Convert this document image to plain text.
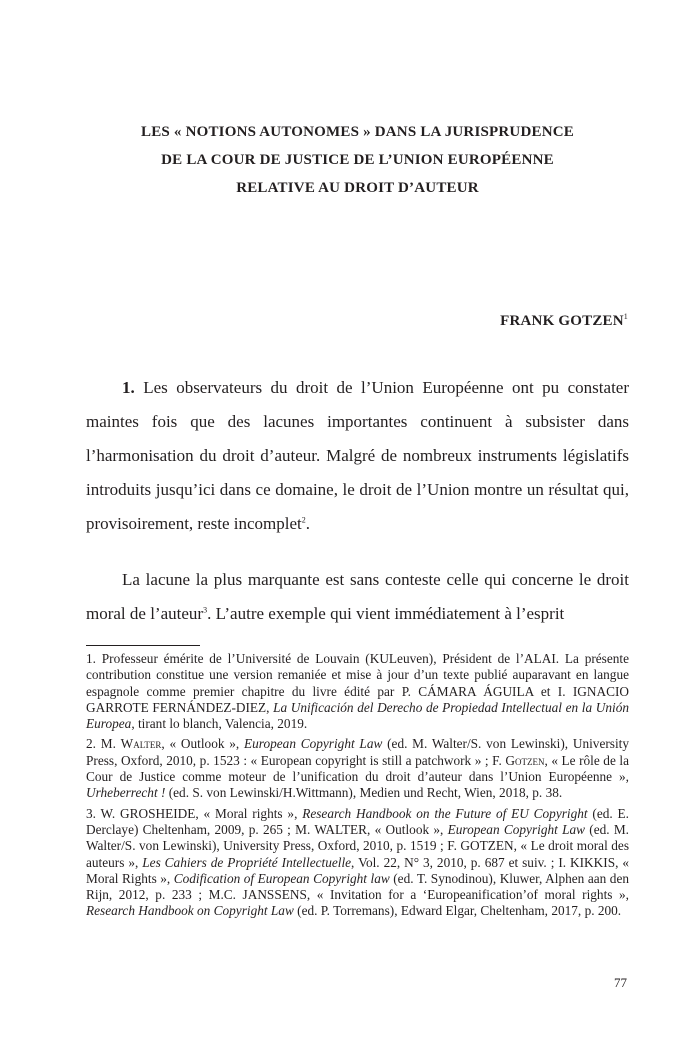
LES « NOTIONS AUTONOMES » DANS LA JURISPRUDENCE
DE LA COUR DE JUSTICE DE L’UNION EUROPÉENNE
RELATIVE AU DROIT D’AUTEUR
FRANK GOTZEN$^1$

1. Les observateurs du droit de l’Union Européenne ont pu constater maintes fois que des lacunes importantes continuent à subsister dans l’harmonisation du droit d’auteur. Malgré de nombreux instruments législatifs introduits jusqu’ici dans ce domaine, le droit de l’Union montre un résultat qui, provisoirement, reste incomplet$^2$.

La lacune la plus marquante est sans conteste celle qui concerne le droit moral de l’auteur$^3$. L’autre exemple qui vient immédiatement à l’esprit

1. Professeur émérite de l’Université de Louvain (KULeuven), Président de l’ALAI. La présente contribution constitue une version remaniée et mise à jour d’un texte publié auparavant en langue espagnole comme premier chapitre du livre édité par P. CÁMARA ÁGUILA et I. IGNACIO GARROTE FERNÁNDEZ-DIEZ, La Unificación del Derecho de Propiedad Intellectual en la Unión Europea, tirant lo blanch, Valencia, 2019.

2. M. Walter, « Outlook », European Copyright Law (ed. M. Walter/S. von Lewinski), University Press, Oxford, 2010, p. 1523 : « European copyright is still a patchwork » ; F. Gotzen, « Le rôle de la Cour de Justice comme moteur de l’unification du droit d’auteur dans l’Union Européenne », Urheberrecht ! (ed. S. von Lewinski/H.Wittmann), Medien und Recht, Wien, 2018, p. 38.

3. W. GROSHEIDE, « Moral rights », Research Handbook on the Future of EU Copyright (ed. E. Derclaye) Cheltenham, 2009, p. 265 ; M. WALTER, « Outlook », European Copyright Law (ed. M. Walter/S. von Lewinski), University Press, Oxford, 2010, p. 1519 ; F. GOTZEN, « Le droit moral des auteurs », Les Cahiers de Propriété Intellectuelle, Vol. 22, N° 3, 2010, p. 687 et suiv. ; I. KIKKIS, « Moral Rights », Codification of European Copyright law (ed. T. Synodinou), Kluwer, Alphen aan den Rijn, 2012, p. 233 ; M.C. JANSSENS, « Invitation for a ‘Europeanification’of moral rights », Research Handbook on Copyright Law (ed. P. Torremans), Edward Elgar, Cheltenham, 2017, p. 200.

77
